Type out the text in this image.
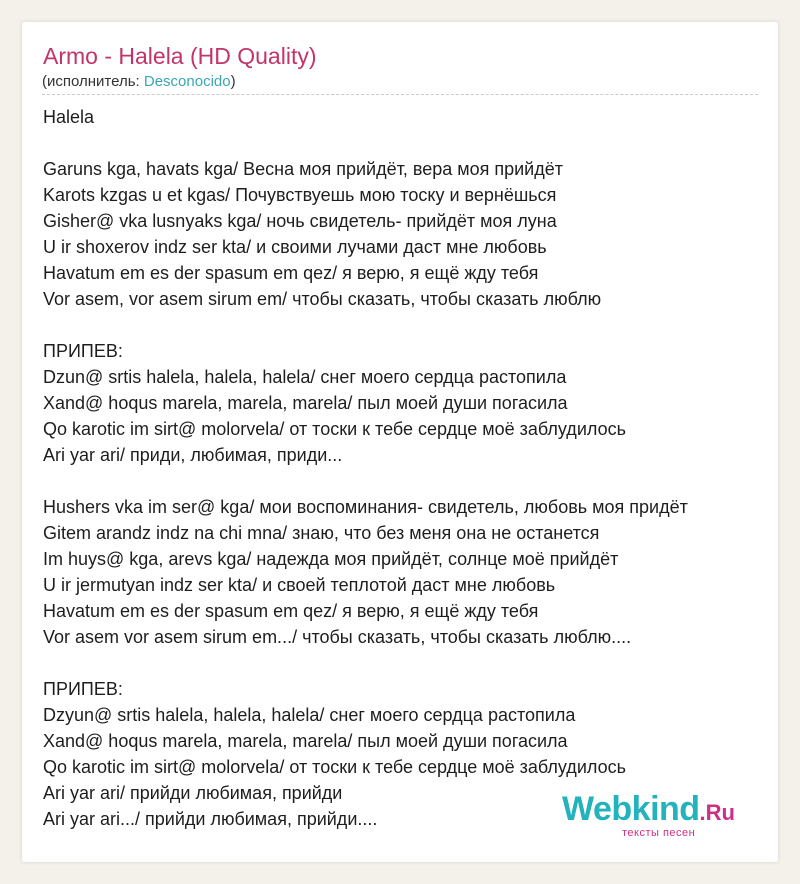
Armo - Halela (HD Quality)
(исполнитель: Desconocido)
Halela
Garuns kga, havats kga/ Весна моя прийдёт, вера моя прийдёт
Karots kzgas u et kgas/ Почувствуешь мою тоску и вернёшься
Gisher@ vka lusnyaks kga/ ночь свидетель- прийдёт моя луна
U ir shoxerov indz ser kta/ и своими лучами даст мне любовь
Havatum em es der spasum em qez/ я верю, я ещё жду тебя
Vor asem, vor asem sirum em/ чтобы сказать, чтобы сказать люблю
ПРИПЕВ:
Dzun@ srtis halela, halela, halela/ снег моего сердца растопила
Xand@ hoqus marela, marela, marela/ пыл моей души погасила
Qo karotic im sirt@ molorvela/ от тоски к тебе сердце моё заблудилось
Ari yar ari/ приди, любимая, приди...
Hushers vka im ser@ kga/ мои воспоминания- свидетель, любовь моя придёт
Gitem arandz indz na chi mna/ знаю, что без меня она не останется
Im huys@ kga, arevs kga/ надежда моя прийдёт, солнце моё прийдёт
U ir jermutyan indz ser kta/ и своей теплотой даст мне любовь
Havatum em es der spasum em qez/ я верю, я ещё жду тебя
Vor asem vor asem sirum em.../ чтобы сказать, чтобы сказать люблю....
ПРИПЕВ:
Dzyun@ srtis halela, halela, halela/ снег моего сердца растопила
Xand@ hoqus marela, marela, marela/ пыл моей души погасила
Qo karotic im sirt@ molorvela/ от тоски к тебе сердце моё заблудилось
Ari yar ari/ прийди любимая, прийди
Ari yar ari.../ прийди любимая, прийди....	Webkind.Ru
тексты песен
